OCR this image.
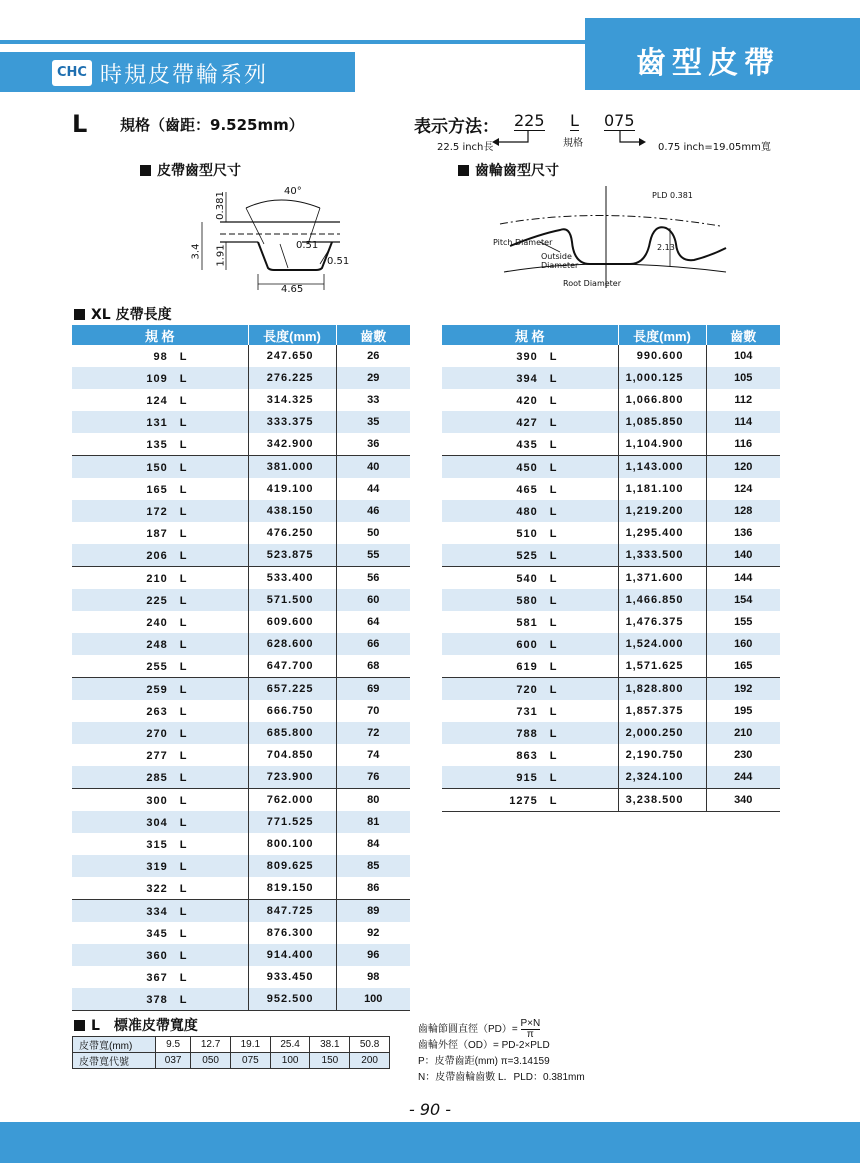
CHC 時規皮帶輪系列	齒型皮帶
L 規格（齒距：9.525mm）	表示方法： 225 L 075
22.5 inch長	規格	0.75 inch=19.05mm寬
皮帶齒型尺寸	齒輪齒型尺寸
40°
3.4
0.381
1.91	0.51
0.51
4.65
PLD 0.381
Pitch Diameter
Outside Diameter
Root Diameter
2.13
XL 皮帶長度
規 格	長度(mm)	齒數
98　L	247.650	26
109　L	276.225	29
124　L	314.325	33
131　L	333.375	35
135　L	342.900	36
150　L	381.000	40
165　L	419.100	44
172　L	438.150	46
187　L	476.250	50
206　L	523.875	55
210　L	533.400	56
225　L	571.500	60
240　L	609.600	64
248　L	628.600	66
255　L	647.700	68
259　L	657.225	69
263　L	666.750	70
270　L	685.800	72
277　L	704.850	74
285　L	723.900	76
300　L	762.000	80
304　L	771.525	81
315　L	800.100	84
319　L	809.625	85
322　L	819.150	86
334　L	847.725	89
345　L	876.300	92
360　L	914.400	96
367　L	933.450	98
378　L	952.500	100
規 格	長度(mm)	齒數
390　L	990.600	104
394　L	1,000.125	105
420　L	1,066.800	112
427　L	1,085.850	114
435　L	1,104.900	116
450　L	1,143.000	120
465　L	1,181.100	124
480　L	1,219.200	128
510　L	1,295.400	136
525　L	1,333.500	140
540　L	1,371.600	144
580　L	1,466.850	154
581　L	1,476.375	155
600　L	1,524.000	160
619　L	1,571.625	165
720　L	1,828.800	192
731　L	1,857.375	195
788　L	2,000.250	210
863　L	2,190.750	230
915　L	2,324.100	244
1275　L	3,238.500	340
L　標准皮帶寬度
皮帶寬(mm)	9.5	12.7	19.1	25.4	38.1	50.8
皮帶寬代號	037	050	075	100	150	200
齒輪節圓直徑$(PD)= \frac{P\times N}{\pi}$
齒輪外徑（OD）= PD-2×PLD
P：皮帶齒距(mm) π=3.14159
N：皮帶齒輪齒數 L．PLD：0.381mm
- 90 -
